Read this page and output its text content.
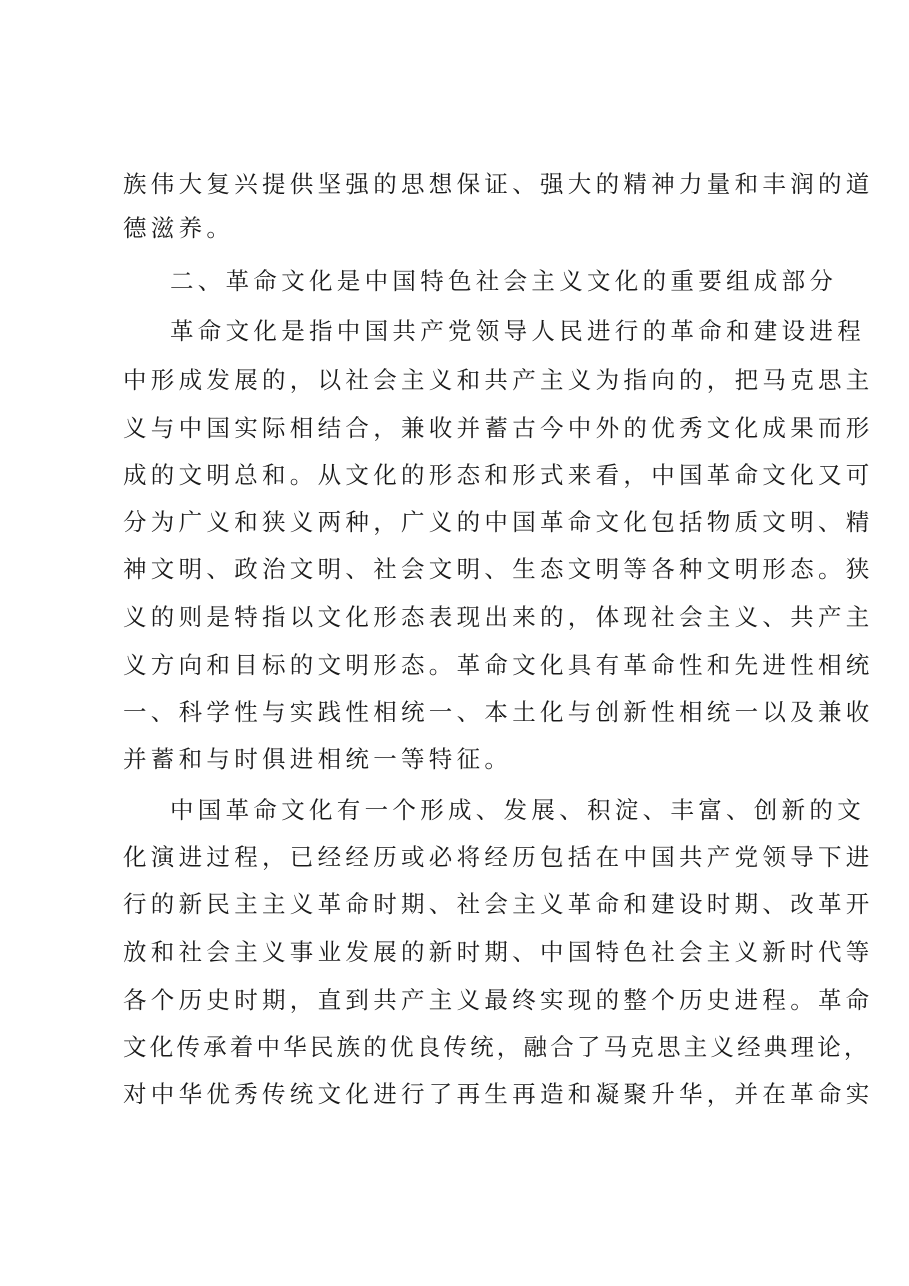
族伟大复兴提供坚强的思想保证、强大的精神力量和丰润的道
德滋养。
二、革命文化是中国特色社会主义文化的重要组成部分
革命文化是指中国共产党领导人民进行的革命和建设进程
中形成发展的，以社会主义和共产主义为指向的，把马克思主
义与中国实际相结合，兼收并蓄古今中外的优秀文化成果而形
成的文明总和。从文化的形态和形式来看，中国革命文化又可
分为广义和狭义两种，广义的中国革命文化包括物质文明、精
神文明、政治文明、社会文明、生态文明等各种文明形态。狭
义的则是特指以文化形态表现出来的，体现社会主义、共产主
义方向和目标的文明形态。革命文化具有革命性和先进性相统
一、科学性与实践性相统一、本土化与创新性相统一以及兼收
并蓄和与时俱进相统一等特征。
中国革命文化有一个形成、发展、积淀、丰富、创新的文
化演进过程，已经经历或必将经历包括在中国共产党领导下进
行的新民主主义革命时期、社会主义革命和建设时期、改革开
放和社会主义事业发展的新时期、中国特色社会主义新时代等
各个历史时期，直到共产主义最终实现的整个历史进程。革命
文化传承着中华民族的优良传统，融合了马克思主义经典理论，
对中华优秀传统文化进行了再生再造和凝聚升华，并在革命实
